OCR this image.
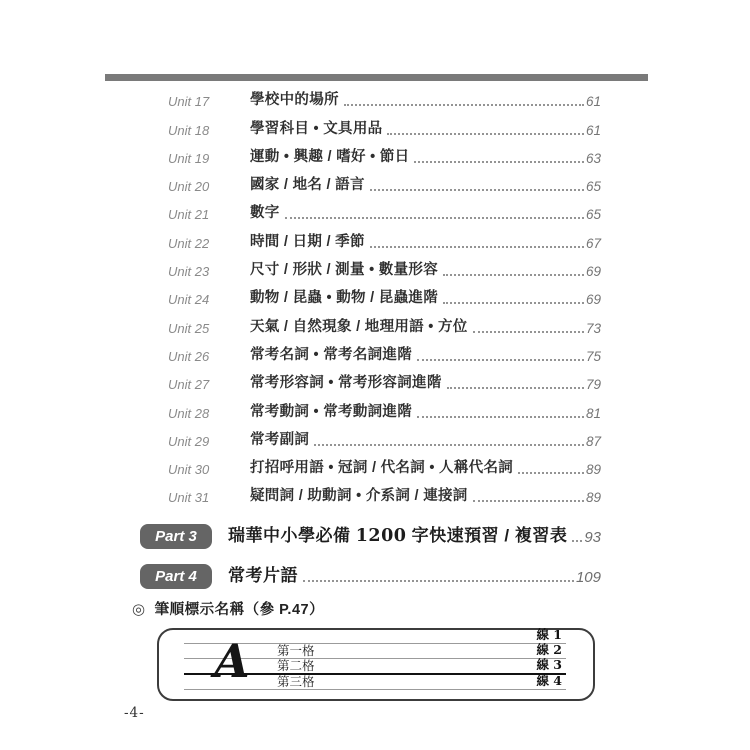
Unit 17	學校中的場所	61
Unit 18	學習科目 • 文具用品	61
Unit 19	運動 • 興趣 / 嗜好 • 節日	63
Unit 20	國家 / 地名 / 語言	65
Unit 21	數字	65
Unit 22	時間 / 日期 / 季節	67
Unit 23	尺寸 / 形狀 / 測量 • 數量形容	69
Unit 24	動物 / 昆蟲 • 動物 / 昆蟲進階	69
Unit 25	天氣 / 自然現象 / 地理用語 • 方位	73
Unit 26	常考名詞 • 常考名詞進階	75
Unit 27	常考形容詞 • 常考形容詞進階	79
Unit 28	常考動詞 • 常考動詞進階	81
Unit 29	常考副詞	87
Unit 30	打招呼用語 • 冠詞 / 代名詞 • 人稱代名詞	89
Unit 31	疑問詞 / 助動詞 • 介系詞 / 連接詞	89
Part 3	瑞華中小學必備 1200 字快速預習 / 複習表 93
Part 4	常考片語	109
◎ 筆順標示名稱 （參 P.47）
線 1
線 2
線 3
線 4
第一格
第二格
第三格
A
-4-
